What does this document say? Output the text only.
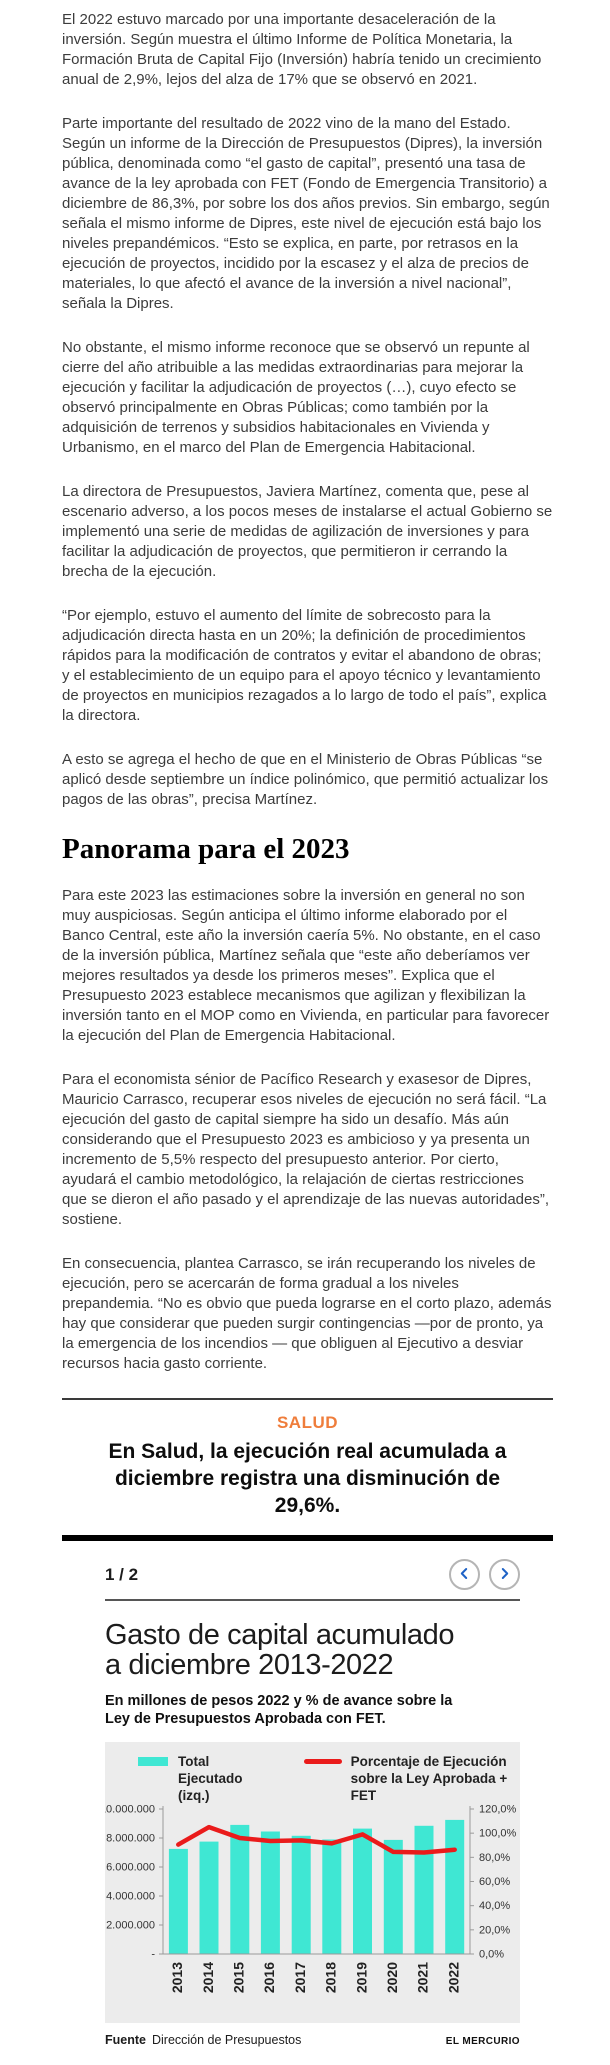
El 2022 estuvo marcado por una importante desaceleración de la inversión. Según muestra el último Informe de Política Monetaria, la Formación Bruta de Capital Fijo (Inversión) habría tenido un crecimiento anual de 2,9%, lejos del alza de 17% que se observó en 2021.

Parte importante del resultado de 2022 vino de la mano del Estado. Según un informe de la Dirección de Presupuestos (Dipres), la inversión pública, denominada como “el gasto de capital”, presentó una tasa de avance de la ley aprobada con FET (Fondo de Emergencia Transitorio) a diciembre de 86,3%, por sobre los dos años previos. Sin embargo, según señala el mismo informe de Dipres, este nivel de ejecución está bajo los niveles prepandémicos. “Esto se explica, en parte, por retrasos en la ejecución de proyectos, incidido por la escasez y el alza de precios de materiales, lo que afectó el avance de la inversión a nivel nacional”, señala la Dipres.

No obstante, el mismo informe reconoce que se observó un repunte al cierre del año atribuible a las medidas extraordinarias para mejorar la ejecución y facilitar la adjudicación de proyectos (…), cuyo efecto se observó principalmente en Obras Públicas; como también por la adquisición de terrenos y subsidios habitacionales en Vivienda y Urbanismo, en el marco del Plan de Emergencia Habitacional.

La directora de Presupuestos, Javiera Martínez, comenta que, pese al escenario adverso, a los pocos meses de instalarse el actual Gobierno se implementó una serie de medidas de agilización de inversiones y para facilitar la adjudicación de proyectos, que permitieron ir cerrando la brecha de la ejecución.

“Por ejemplo, estuvo el aumento del límite de sobrecosto para la adjudicación directa hasta en un 20%; la definición de procedimientos rápidos para la modificación de contratos y evitar el abandono de obras; y el establecimiento de un equipo para el apoyo técnico y levantamiento de proyectos en municipios rezagados a lo largo de todo el país”, explica la directora.

A esto se agrega el hecho de que en el Ministerio de Obras Públicas “se aplicó desde septiembre un índice polinómico, que permitió actualizar los pagos de las obras”, precisa Martínez.

Panorama para el 2023

Para este 2023 las estimaciones sobre la inversión en general no son muy auspiciosas. Según anticipa el último informe elaborado por el Banco Central, este año la inversión caería 5%. No obstante, en el caso de la inversión pública, Martínez señala que “este año deberíamos ver mejores resultados ya desde los primeros meses”. Explica que el Presupuesto 2023 establece mecanismos que agilizan y flexibilizan la inversión tanto en el MOP como en Vivienda, en particular para favorecer la ejecución del Plan de Emergencia Habitacional.

Para el economista sénior de Pacífico Research y exasesor de Dipres, Mauricio Carrasco, recuperar esos niveles de ejecución no será fácil. “La ejecución del gasto de capital siempre ha sido un desafío. Más aún considerando que el Presupuesto 2023 es ambicioso y ya presenta un incremento de 5,5% respecto del presupuesto anterior. Por cierto, ayudará el cambio metodológico, la relajación de ciertas restricciones que se dieron el año pasado y el aprendizaje de las nuevas autoridades”, sostiene.

En consecuencia, plantea Carrasco, se irán recuperando los niveles de ejecución, pero se acercarán de forma gradual a los niveles prepandemia. “No es obvio que pueda lograrse en el corto plazo, además hay que considerar que pueden surgir contingencias —por de pronto, ya la emergencia de los incendios — que obliguen al Ejecutivo a desviar recursos hacia gasto corriente.

SALUD
En Salud, la ejecución real acumulada a diciembre registra una disminución de 29,6%.
1 / 2
Gasto de capital acumulado
a diciembre 2013-2022
En millones de pesos 2022 y % de avance sobre la Ley de Presupuestos Aprobada con FET.
Total Ejecutado
(izq.)
Porcentaje de Ejecución
sobre la Ley Aprobada + FET
10.000.000
8.000.000
6.000.000
4.000.000
2.000.000
-
120,0%
100,0%
80,0%
60,0%
40,0%
20,0%
0,0%
2013 2014 2015 2016 2017 2018 2019 2020 2021 2022
Fuente Dirección de Presupuestos	EL MERCURIO
